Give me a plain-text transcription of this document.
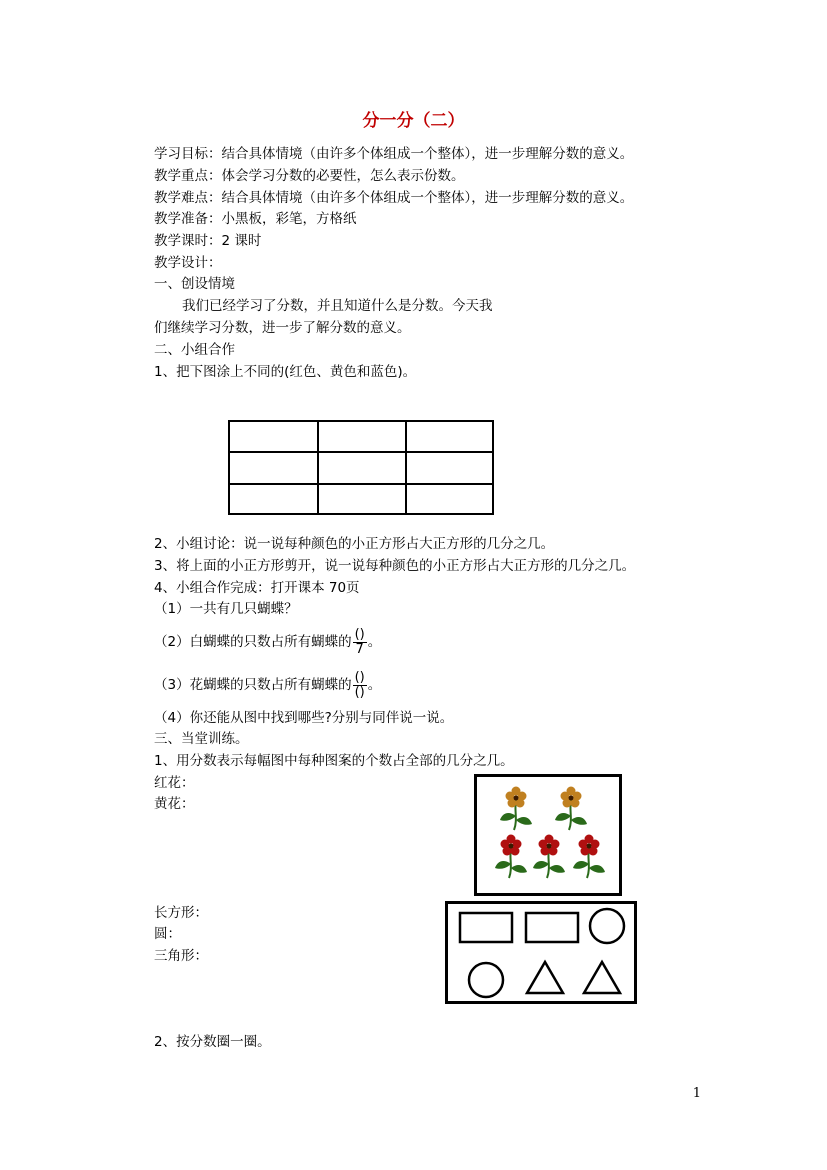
分一分（二）
学习目标：结合具体情境（由许多个体组成一个整体），进一步理解分数的意义。
教学重点：体会学习分数的必要性，怎么表示份数。
教学难点：结合具体情境（由许多个体组成一个整体），进一步理解分数的意义。
教学准备：小黑板，彩笔，方格纸
教学课时：2 课时
教学设计：
一、创设情境
我们已经学习了分数，并且知道什么是分数。今天我
们继续学习分数，进一步了解分数的意义。
二、小组合作
1、把下图涂上不同的(红色、黄色和蓝色)。
2、小组讨论：说一说每种颜色的小正方形占大正方形的几分之几。
3、将上面的小正方形剪开，说一说每种颜色的小正方形占大正方形的几分之几。
4、小组合作完成：打开课本 70页
（1）一共有几只蝴蝶？
（2）白蝴蝶的只数占所有蝴蝶的 $\frac{()}{7}$ 。
（3）花蝴蝶的只数占所有蝴蝶的 $\frac{()}{()}$ 。
（4）你还能从图中找到哪些?分别与同伴说一说。
三、当堂训练。
1、用分数表示每幅图中每种图案的个数占全部的几分之几。
红花：
黄花：
长方形：
圆：
三角形：
2、按分数圈一圈。
1
